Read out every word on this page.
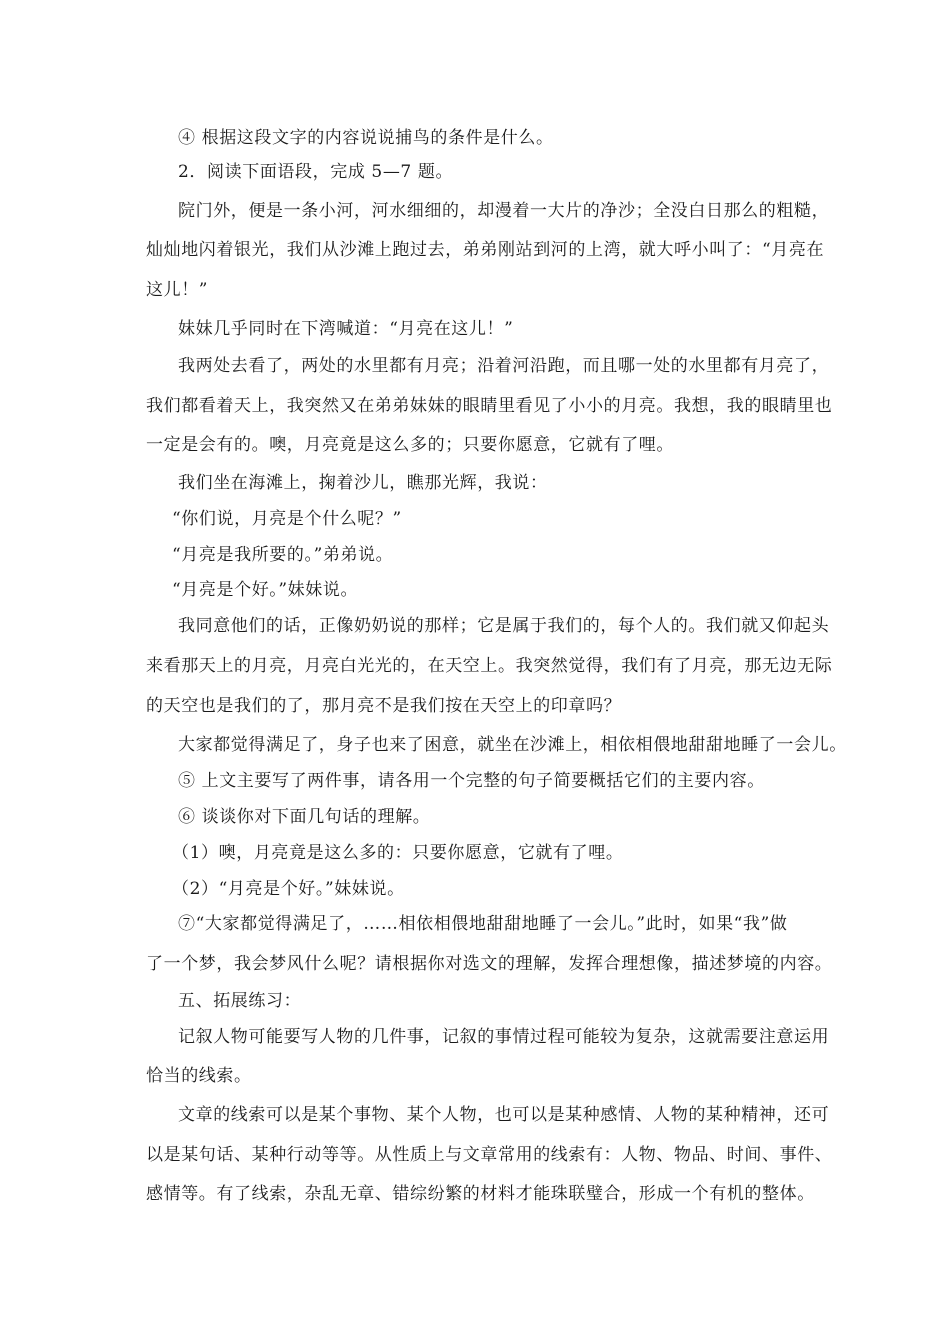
④ 根据这段文字的内容说说捕鸟的条件是什么。

2．阅读下面语段，完成 5—7 题。

院门外，便是一条小河，河水细细的，却漫着一大片的净沙；全没白日那么的粗糙，

灿灿地闪着银光，我们从沙滩上跑过去，弟弟刚站到河的上湾，就大呼小叫了：“月亮在

这儿！”

妹妹几乎同时在下湾喊道：“月亮在这儿！”

我两处去看了，两处的水里都有月亮；沿着河沿跑，而且哪一处的水里都有月亮了，

我们都看着天上，我突然又在弟弟妹妹的眼睛里看见了小小的月亮。我想，我的眼睛里也

一定是会有的。噢，月亮竟是这么多的；只要你愿意，它就有了哩。

我们坐在海滩上，掬着沙儿，瞧那光辉，我说：

“你们说，月亮是个什么呢？”

“月亮是我所要的。”弟弟说。

“月亮是个好。”妹妹说。

我同意他们的话，正像奶奶说的那样；它是属于我们的，每个人的。我们就又仰起头

来看那天上的月亮，月亮白光光的，在天空上。我突然觉得，我们有了月亮，那无边无际

的天空也是我们的了，那月亮不是我们按在天空上的印章吗？

大家都觉得满足了，身子也来了困意，就坐在沙滩上，相依相偎地甜甜地睡了一会儿。

⑤ 上文主要写了两件事，请各用一个完整的句子简要概括它们的主要内容。

⑥ 谈谈你对下面几句话的理解。

（1）噢，月亮竟是这么多的：只要你愿意，它就有了哩。

（2）“月亮是个好。”妹妹说。

⑦“大家都觉得满足了，……相依相偎地甜甜地睡了一会儿。”此时，如果“我”做

了一个梦，我会梦风什么呢？请根据你对选文的理解，发挥合理想像，描述梦境的内容。

五、拓展练习：

记叙人物可能要写人物的几件事，记叙的事情过程可能较为复杂，这就需要注意运用

恰当的线索。

文章的线索可以是某个事物、某个人物，也可以是某种感情、人物的某种精神，还可

以是某句话、某种行动等等。从性质上与文章常用的线索有：人物、物品、时间、事件、

感情等。有了线索，杂乱无章、错综纷繁的材料才能珠联璧合，形成一个有机的整体。
